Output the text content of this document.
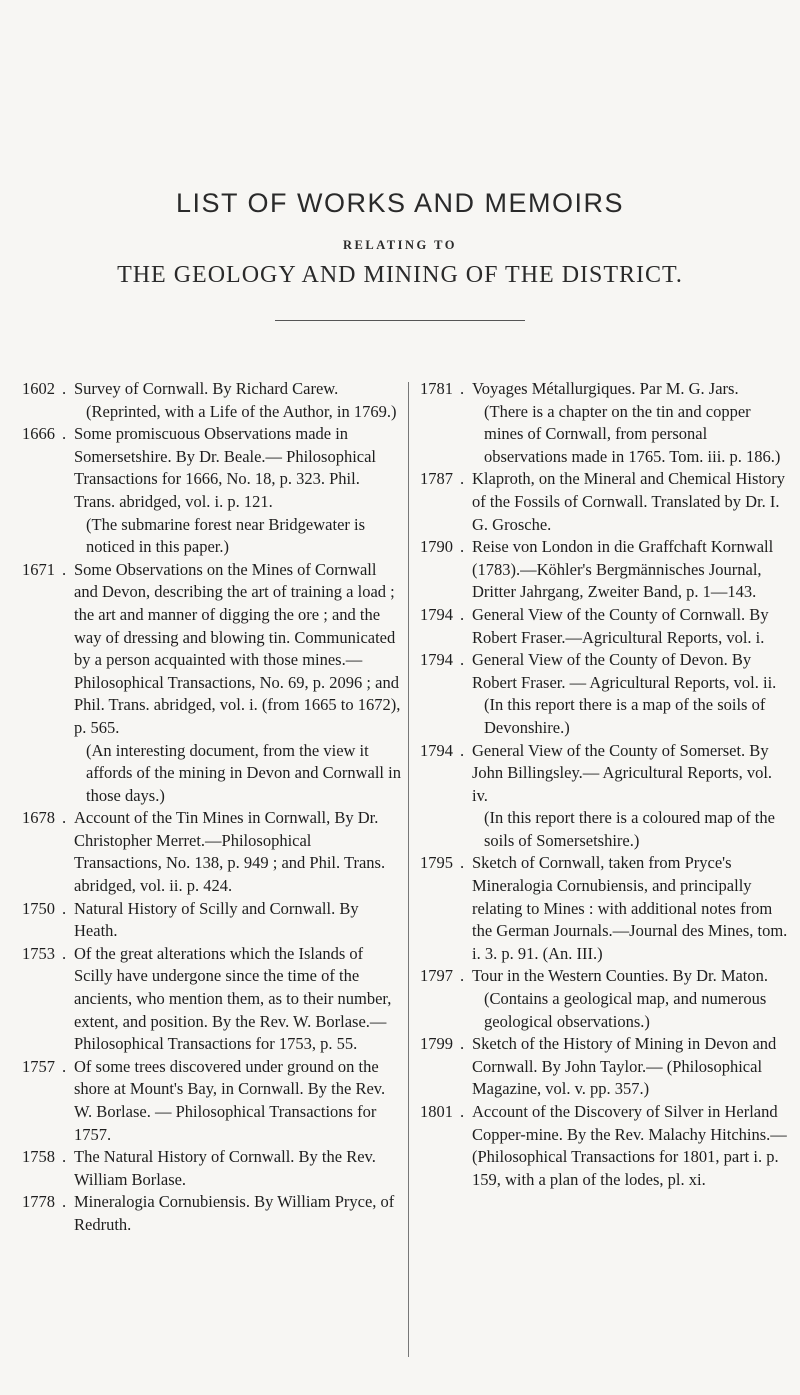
LIST OF WORKS AND MEMOIRS
RELATING TO
THE GEOLOGY AND MINING OF THE DISTRICT.
1602 . Survey of Cornwall. By Richard Carew.
(Reprinted, with a Life of the Author, in 1769.)
1666 . Some promiscuous Observations made in Somersetshire. By Dr. Beale.— Philosophical Transactions for 1666, No. 18, p. 323. Phil. Trans. abridged, vol. i. p. 121.
(The submarine forest near Bridgewater is noticed in this paper.)
1671 . Some Observations on the Mines of Cornwall and Devon, describing the art of training a load ; the art and manner of digging the ore ; and the way of dressing and blowing tin. Communicated by a person acquainted with those mines.—Philosophical Transactions, No. 69, p. 2096 ; and Phil. Trans. abridged, vol. i. (from 1665 to 1672), p. 565.
(An interesting document, from the view it affords of the mining in Devon and Cornwall in those days.)
1678 . Account of the Tin Mines in Cornwall, By Dr. Christopher Merret.—Philosophical Transactions, No. 138, p. 949 ; and Phil. Trans. abridged, vol. ii. p. 424.
1750 . Natural History of Scilly and Cornwall. By Heath.
1753 . Of the great alterations which the Islands of Scilly have undergone since the time of the ancients, who mention them, as to their number, extent, and position. By the Rev. W. Borlase.—Philosophical Transactions for 1753, p. 55.
1757 . Of some trees discovered under ground on the shore at Mount's Bay, in Cornwall. By the Rev. W. Borlase. — Philosophical Transactions for 1757.
1758 . The Natural History of Cornwall. By the Rev. William Borlase.
1778 . Mineralogia Cornubiensis. By William Pryce, of Redruth.
1781 . Voyages Métallurgiques. Par M. G. Jars.
(There is a chapter on the tin and copper mines of Cornwall, from personal observations made in 1765. Tom. iii. p. 186.)
1787 . Klaproth, on the Mineral and Chemical History of the Fossils of Cornwall. Translated by Dr. I. G. Grosche.
1790 . Reise von London in die Graffchaft Kornwall (1783).—Köhler's Bergmännisches Journal, Dritter Jahrgang, Zweiter Band, p. 1—143.
1794 . General View of the County of Cornwall. By Robert Fraser.—Agricultural Reports, vol. i.
1794 . General View of the County of Devon. By Robert Fraser. — Agricultural Reports, vol. ii.
(In this report there is a map of the soils of Devonshire.)
1794 . General View of the County of Somerset. By John Billingsley.— Agricultural Reports, vol. iv.
(In this report there is a coloured map of the soils of Somersetshire.)
1795 . Sketch of Cornwall, taken from Pryce's Mineralogia Cornubiensis, and principally relating to Mines : with additional notes from the German Journals.—Journal des Mines, tom. i. 3. p. 91. (An. III.)
1797 . Tour in the Western Counties. By Dr. Maton.
(Contains a geological map, and numerous geological observations.)
1799 . Sketch of the History of Mining in Devon and Cornwall. By John Taylor.— (Philosophical Magazine, vol. v. pp. 357.)
1801 . Account of the Discovery of Silver in Herland Copper-mine. By the Rev. Malachy Hitchins.— (Philosophical Transactions for 1801, part i. p. 159, with a plan of the lodes, pl. xi.
